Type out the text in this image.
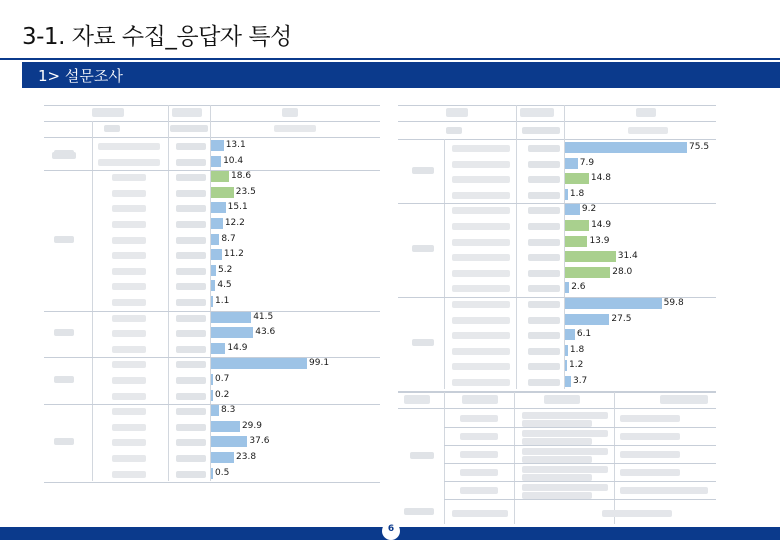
3-1. 자료 수집_응답자 특성
1> 설문조사
13.1
10.4
18.6
23.5
15.1
12.2
8.7
11.2
5.2
4.5
1.1
41.5
43.6
14.9
99.1
0.7
0.2
8.3
29.9
37.6
23.8
0.5
75.5
7.9
14.8
1.8
9.2
14.9
13.9
31.4
28.0
2.6
59.8
27.5
6.1
1.8
1.2
3.7
6
